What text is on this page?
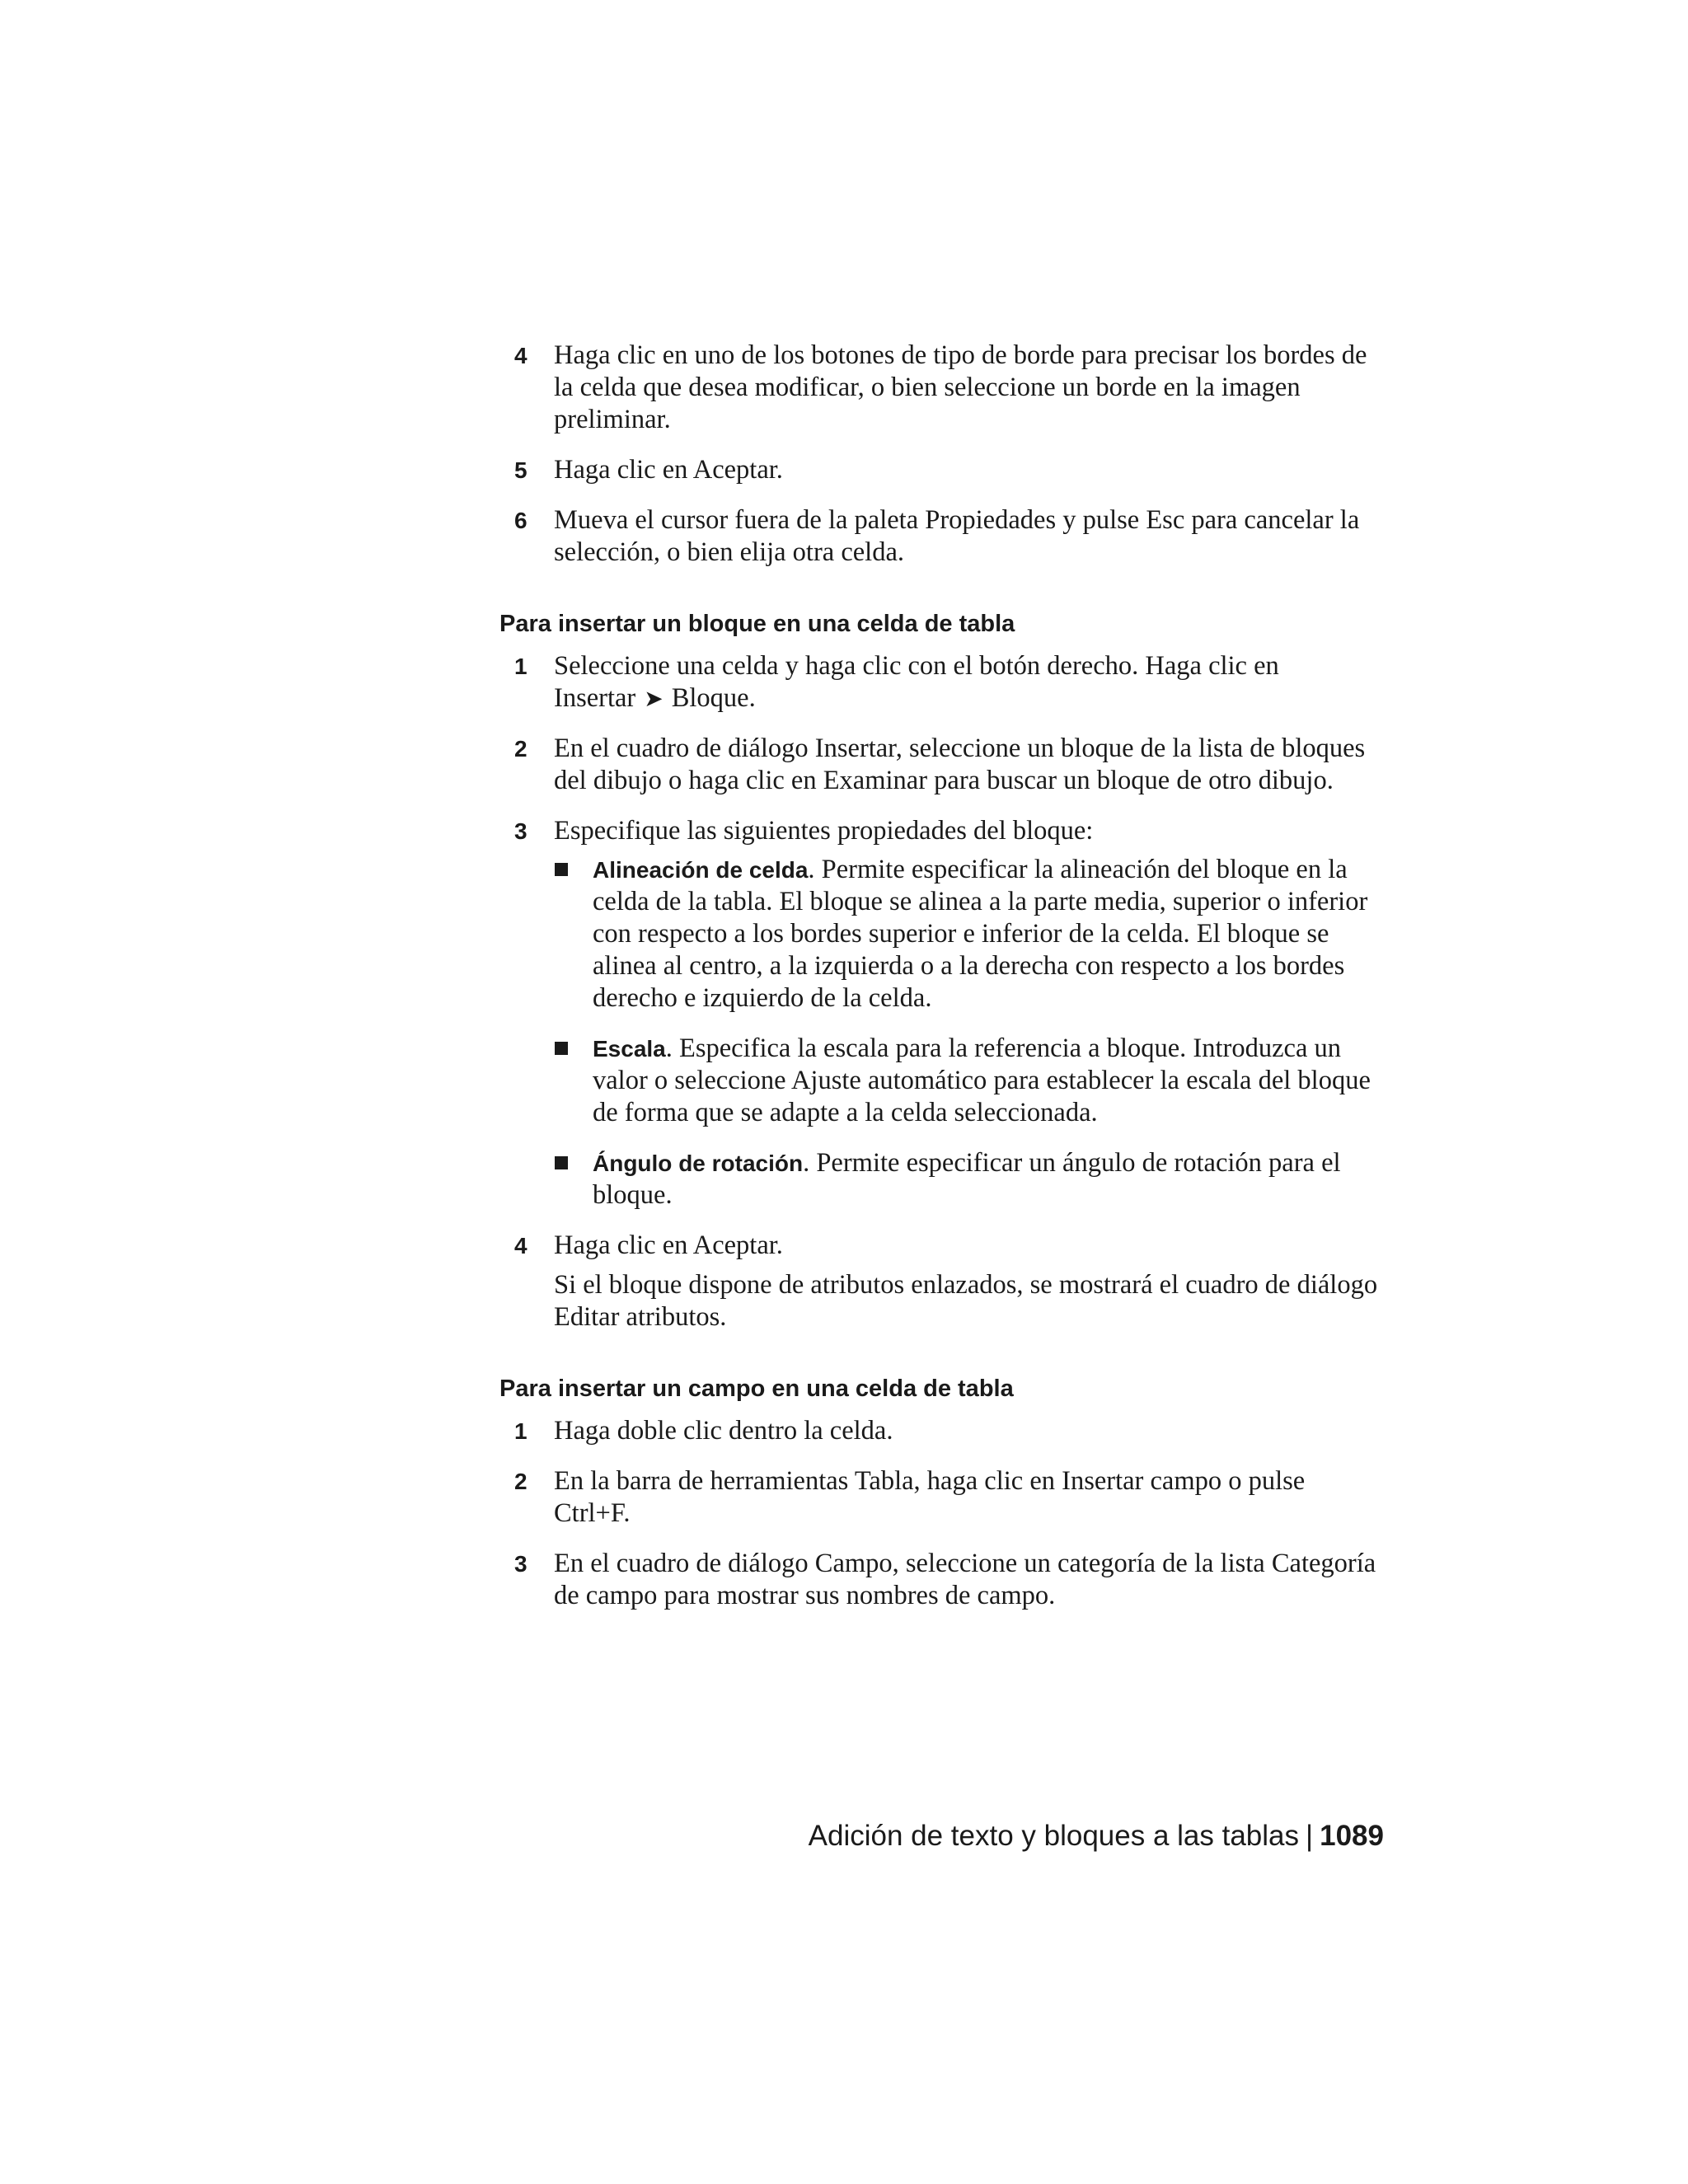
4 Haga clic en uno de los botones de tipo de borde para precisar los bordes de la celda que desea modificar, o bien seleccione un borde en la imagen preliminar.
5 Haga clic en Aceptar.
6 Mueva el cursor fuera de la paleta Propiedades y pulse Esc para cancelar la selección, o bien elija otra celda.
Para insertar un bloque en una celda de tabla
1 Seleccione una celda y haga clic con el botón derecho. Haga clic en Insertar ➤ Bloque.
2 En el cuadro de diálogo Insertar, seleccione un bloque de la lista de bloques del dibujo o haga clic en Examinar para buscar un bloque de otro dibujo.
3 Especifique las siguientes propiedades del bloque:
Alineación de celda. Permite especificar la alineación del bloque en la celda de la tabla. El bloque se alinea a la parte media, superior o inferior con respecto a los bordes superior e inferior de la celda. El bloque se alinea al centro, a la izquierda o a la derecha con respecto a los bordes derecho e izquierdo de la celda.
Escala. Especifica la escala para la referencia a bloque. Introduzca un valor o seleccione Ajuste automático para establecer la escala del bloque de forma que se adapte a la celda seleccionada.
Ángulo de rotación. Permite especificar un ángulo de rotación para el bloque.
4 Haga clic en Aceptar.
Si el bloque dispone de atributos enlazados, se mostrará el cuadro de diálogo Editar atributos.
Para insertar un campo en una celda de tabla
1 Haga doble clic dentro la celda.
2 En la barra de herramientas Tabla, haga clic en Insertar campo o pulse Ctrl+F.
3 En el cuadro de diálogo Campo, seleccione un categoría de la lista Categoría de campo para mostrar sus nombres de campo.
Adición de texto y bloques a las tablas | 1089
